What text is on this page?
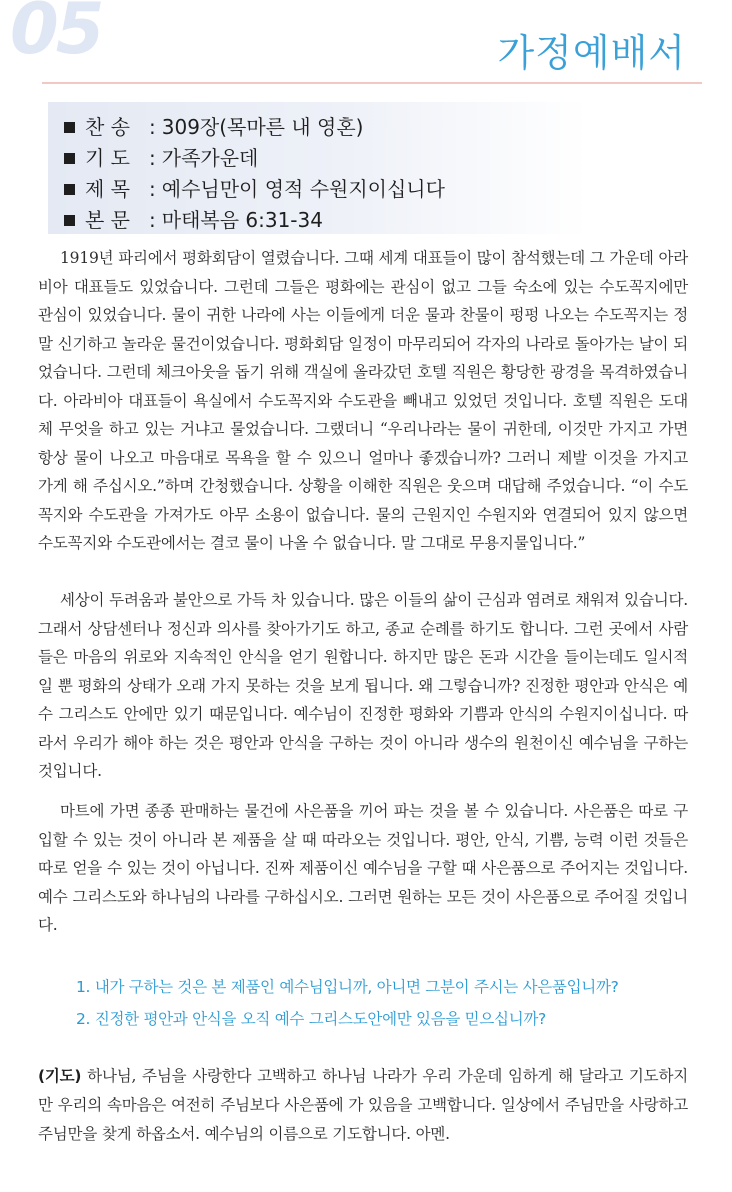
05	가정예배서
찬 송 : 309장(목마른 내 영혼)
기 도 : 가족가운데
제 목 : 예수님만이 영적 수원지이십니다
본 문 : 마태복음 6:31-34

1919년 파리에서 평화회담이 열렸습니다. 그때 세계 대표들이 많이 참석했는데 그 가운데 아라비아 대표들도 있었습니다. 그런데 그들은 평화에는 관심이 없고 그들 숙소에 있는 수도꼭지에만 관심이 있었습니다. 물이 귀한 나라에 사는 이들에게 더운 물과 찬물이 펑펑 나오는 수도꼭지는 정말 신기하고 놀라운 물건이었습니다. 평화회담 일정이 마무리되어 각자의 나라로 돌아가는 날이 되었습니다. 그런데 체크아웃을 돕기 위해 객실에 올라갔던 호텔 직원은 황당한 광경을 목격하였습니다. 아라비아 대표들이 욕실에서 수도꼭지와 수도관을 빼내고 있었던 것입니다. 호텔 직원은 도대체 무엇을 하고 있는 거냐고 물었습니다. 그랬더니 “우리나라는 물이 귀한데, 이것만 가지고 가면 항상 물이 나오고 마음대로 목욕을 할 수 있으니 얼마나 좋겠습니까? 그러니 제발 이것을 가지고 가게 해 주십시오.”하며 간청했습니다. 상황을 이해한 직원은 웃으며 대답해 주었습니다. “이 수도꼭지와 수도관을 가져가도 아무 소용이 없습니다. 물의 근원지인 수원지와 연결되어 있지 않으면 수도꼭지와 수도관에서는 결코 물이 나올 수 없습니다. 말 그대로 무용지물입니다.”

세상이 두려움과 불안으로 가득 차 있습니다. 많은 이들의 삶이 근심과 염려로 채워져 있습니다. 그래서 상담센터나 정신과 의사를 찾아가기도 하고, 종교 순례를 하기도 합니다. 그런 곳에서 사람들은 마음의 위로와 지속적인 안식을 얻기 원합니다. 하지만 많은 돈과 시간을 들이는데도 일시적일 뿐 평화의 상태가 오래 가지 못하는 것을 보게 됩니다. 왜 그렇습니까? 진정한 평안과 안식은 예수 그리스도 안에만 있기 때문입니다. 예수님이 진정한 평화와 기쁨과 안식의 수원지이십니다. 따라서 우리가 해야 하는 것은 평안과 안식을 구하는 것이 아니라 생수의 원천이신 예수님을 구하는 것입니다.

마트에 가면 종종 판매하는 물건에 사은품을 끼어 파는 것을 볼 수 있습니다. 사은품은 따로 구입할 수 있는 것이 아니라 본 제품을 살 때 따라오는 것입니다. 평안, 안식, 기쁨, 능력 이런 것들은 따로 얻을 수 있는 것이 아닙니다. 진짜 제품이신 예수님을 구할 때 사은품으로 주어지는 것입니다. 예수 그리스도와 하나님의 나라를 구하십시오. 그러면 원하는 모든 것이 사은품으로 주어질 것입니다.

1. 내가 구하는 것은 본 제품인 예수님입니까, 아니면 그분이 주시는 사은품입니까?
2. 진정한 평안과 안식을 오직 예수 그리스도안에만 있음을 믿으십니까?

(기도) 하나님, 주님을 사랑한다 고백하고 하나님 나라가 우리 가운데 임하게 해 달라고 기도하지만 우리의 속마음은 여전히 주님보다 사은품에 가 있음을 고백합니다. 일상에서 주님만을 사랑하고 주님만을 찾게 하옵소서. 예수님의 이름으로 기도합니다. 아멘.
